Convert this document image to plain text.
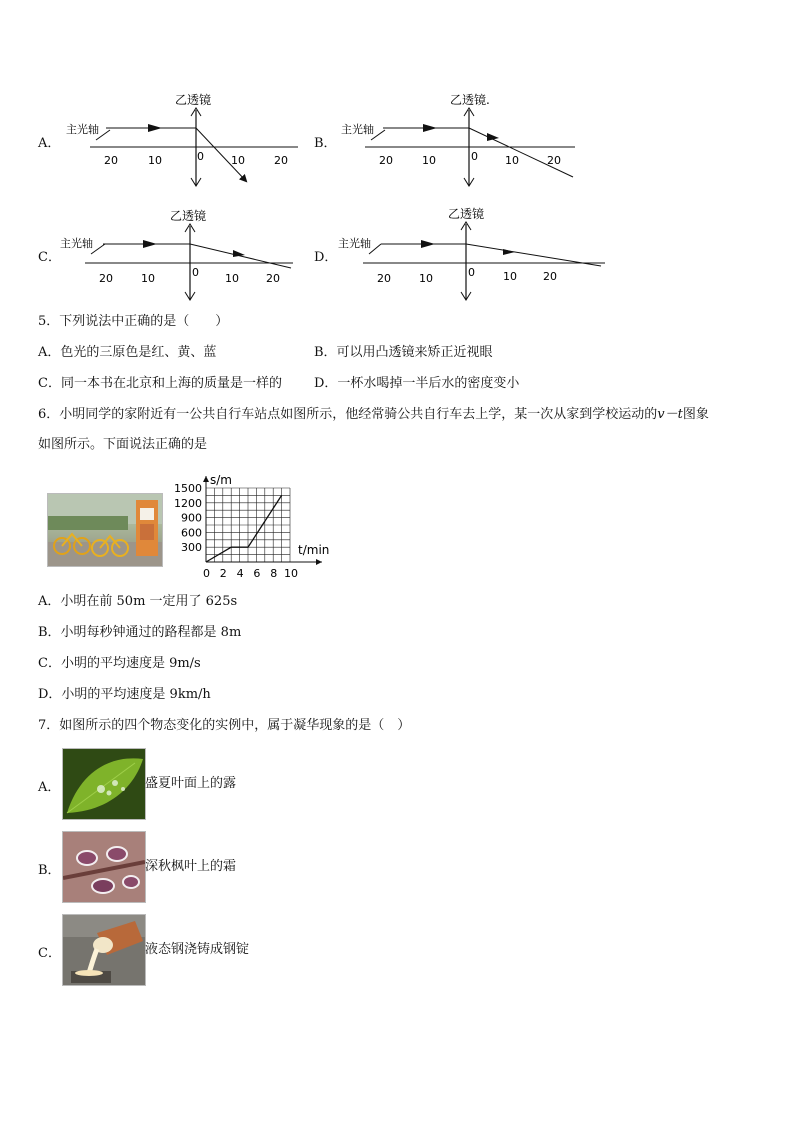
A．
乙透镜
主光轴
20	10	0 10	20
B．
乙透镜.
主光轴
20	10	0 10	20
C．
乙透镜
主光轴
20	10	0 10 20
D．
乙透镜
主光轴
20	10	0	10 20
5．下列说法中正确的是（　　）
A．色光的三原色是红、黄、蓝	B．可以用凸透镜来矫正近视眼
C．同一本书在北京和上海的质量是一样的 D．一杯水喝掉一半后水的密度变小
6．小明同学的家附近有一公共自行车站点如图所示，他经常骑公共自行车去上学，某一次从家到学校运动的v－t图象
如图所示。下面说法正确的是
0 2 4 6 8 10
300
600
900
1200
1500
s/m
t/min
A．小明在前 50m 一定用了 625s
B．小明每秒钟通过的路程都是 8m
C．小明的平均速度是 9m/s
D．小明的平均速度是 9km/h
7．如图所示的四个物态变化的实例中，属于凝华现象的是（　）
A．	盛夏叶面上的露
B．	深秋枫叶上的霜
C．	液态钢浇铸成钢锭
